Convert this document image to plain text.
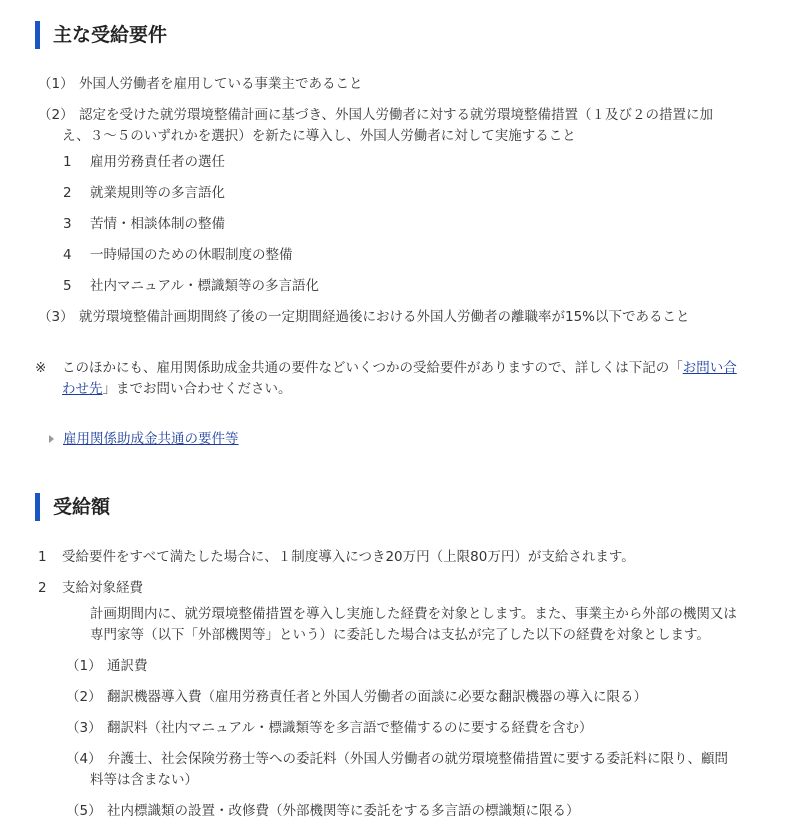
主な受給要件
（1） 外国人労働者を雇用している事業主であること
（2） 認定を受けた就労環境整備計画に基づき、外国人労働者に対する就労環境整備措置（１及び２の措置に加
え、３～５のいずれかを選択）を新たに導入し、外国人労働者に対して実施すること
1 雇用労務責任者の選任
2 就業規則等の多言語化
3 苦情・相談体制の整備
4 一時帰国のための休暇制度の整備
5 社内マニュアル・標識類等の多言語化
（3） 就労環境整備計画期間終了後の一定期間経過後における外国人労働者の離職率が15%以下であること
※ このほかにも、雇用関係助成金共通の要件などいくつかの受給要件がありますので、詳しくは下記の「お問い合
わせ先」までお問い合わせください。
雇用関係助成金共通の要件等
受給額
1 受給要件をすべて満たした場合に、１制度導入につき20万円（上限80万円）が支給されます。
2 支給対象経費
計画期間内に、就労環境整備措置を導入し実施した経費を対象とします。また、事業主から外部の機関又は
専門家等（以下「外部機関等」という）に委託した場合は支払が完了した以下の経費を対象とします。
（1） 通訳費
（2） 翻訳機器導入費（雇用労務責任者と外国人労働者の面談に必要な翻訳機器の導入に限る）
（3） 翻訳料（社内マニュアル・標識類等を多言語で整備するのに要する経費を含む）
（4） 弁護士、社会保険労務士等への委託料（外国人労働者の就労環境整備措置に要する委託料に限り、顧問
料等は含まない）
（5） 社内標識類の設置・改修費（外部機関等に委託をする多言語の標識類に限る）
